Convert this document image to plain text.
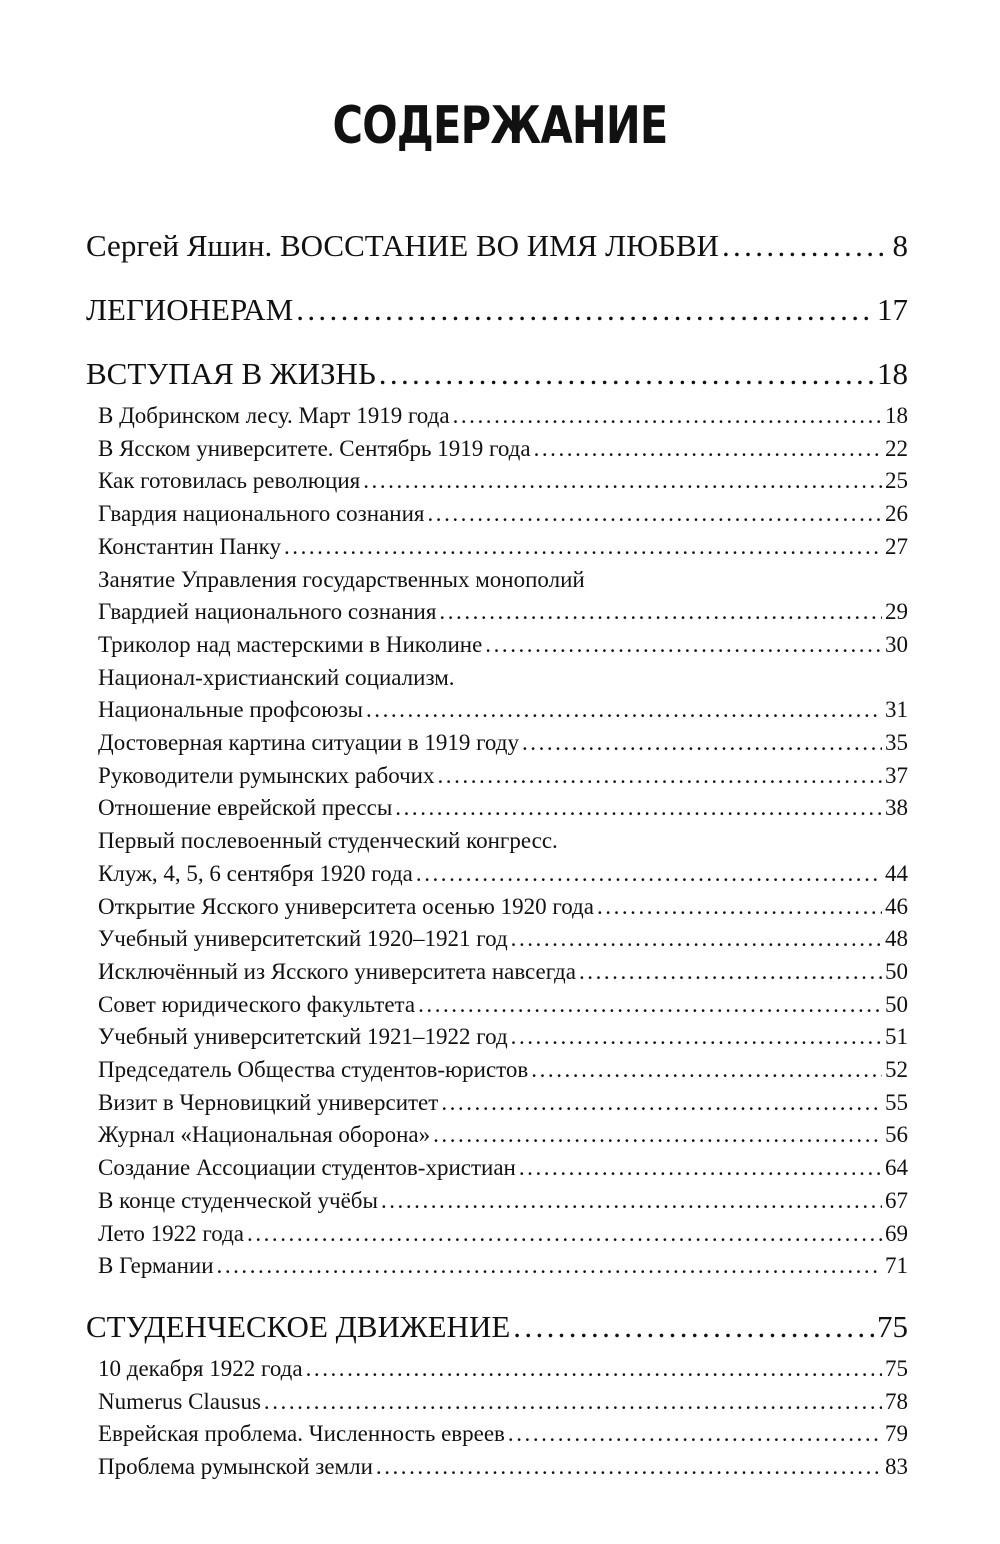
СОДЕРЖАНИЕ
Сергей Яшин. ВОССТАНИЕ ВО ИМЯ ЛЮБВИ . . .	8
ЛЕГИОНЕРАМ . . .	17
ВСТУПАЯ В ЖИЗНЬ . . .	18
В Добринском лесу. Март 1919 года . . .	18
В Ясском университете. Сентябрь 1919 года . . .	22
Как готовилась революция . . .	25
Гвардия национального сознания . . .	26
Константин Панку . . .	27
Занятие Управления государственных монополий
Гвардией национального сознания . . .	29
Триколор над мастерскими в Николине . . .	30
Национал-христианский социализм.
Национальные профсоюзы . . .	31
Достоверная картина ситуации в 1919 году . . .	35
Руководители румынских рабочих . . .	37
Отношение еврейской прессы . . .	38
Первый послевоенный студенческий конгресс.
Клуж, 4, 5, 6 сентября 1920 года . . .	44
Открытие Ясского университета осенью 1920 года . . .	46
Учебный университетский 1920–1921 год . . .	48
Исключённый из Ясского университета навсегда . . .	50
Совет юридического факультета . . .	50
Учебный университетский 1921–1922 год . . .	51
Председатель Общества студентов-юристов . . .	52
Визит в Черновицкий университет . . .	55
Журнал «Национальная оборона» . . .	56
Создание Ассоциации студентов-христиан . . .	64
В конце студенческой учёбы . . .	67
Лето 1922 года . . .	69
В Германии . . .	71
СТУДЕНЧЕСКОЕ ДВИЖЕНИЕ . . .	75
10 декабря 1922 года . . .	75
Numerus Clausus . . .	78
Еврейская проблема. Численность евреев . . .	79
Проблема румынской земли . . .	83
